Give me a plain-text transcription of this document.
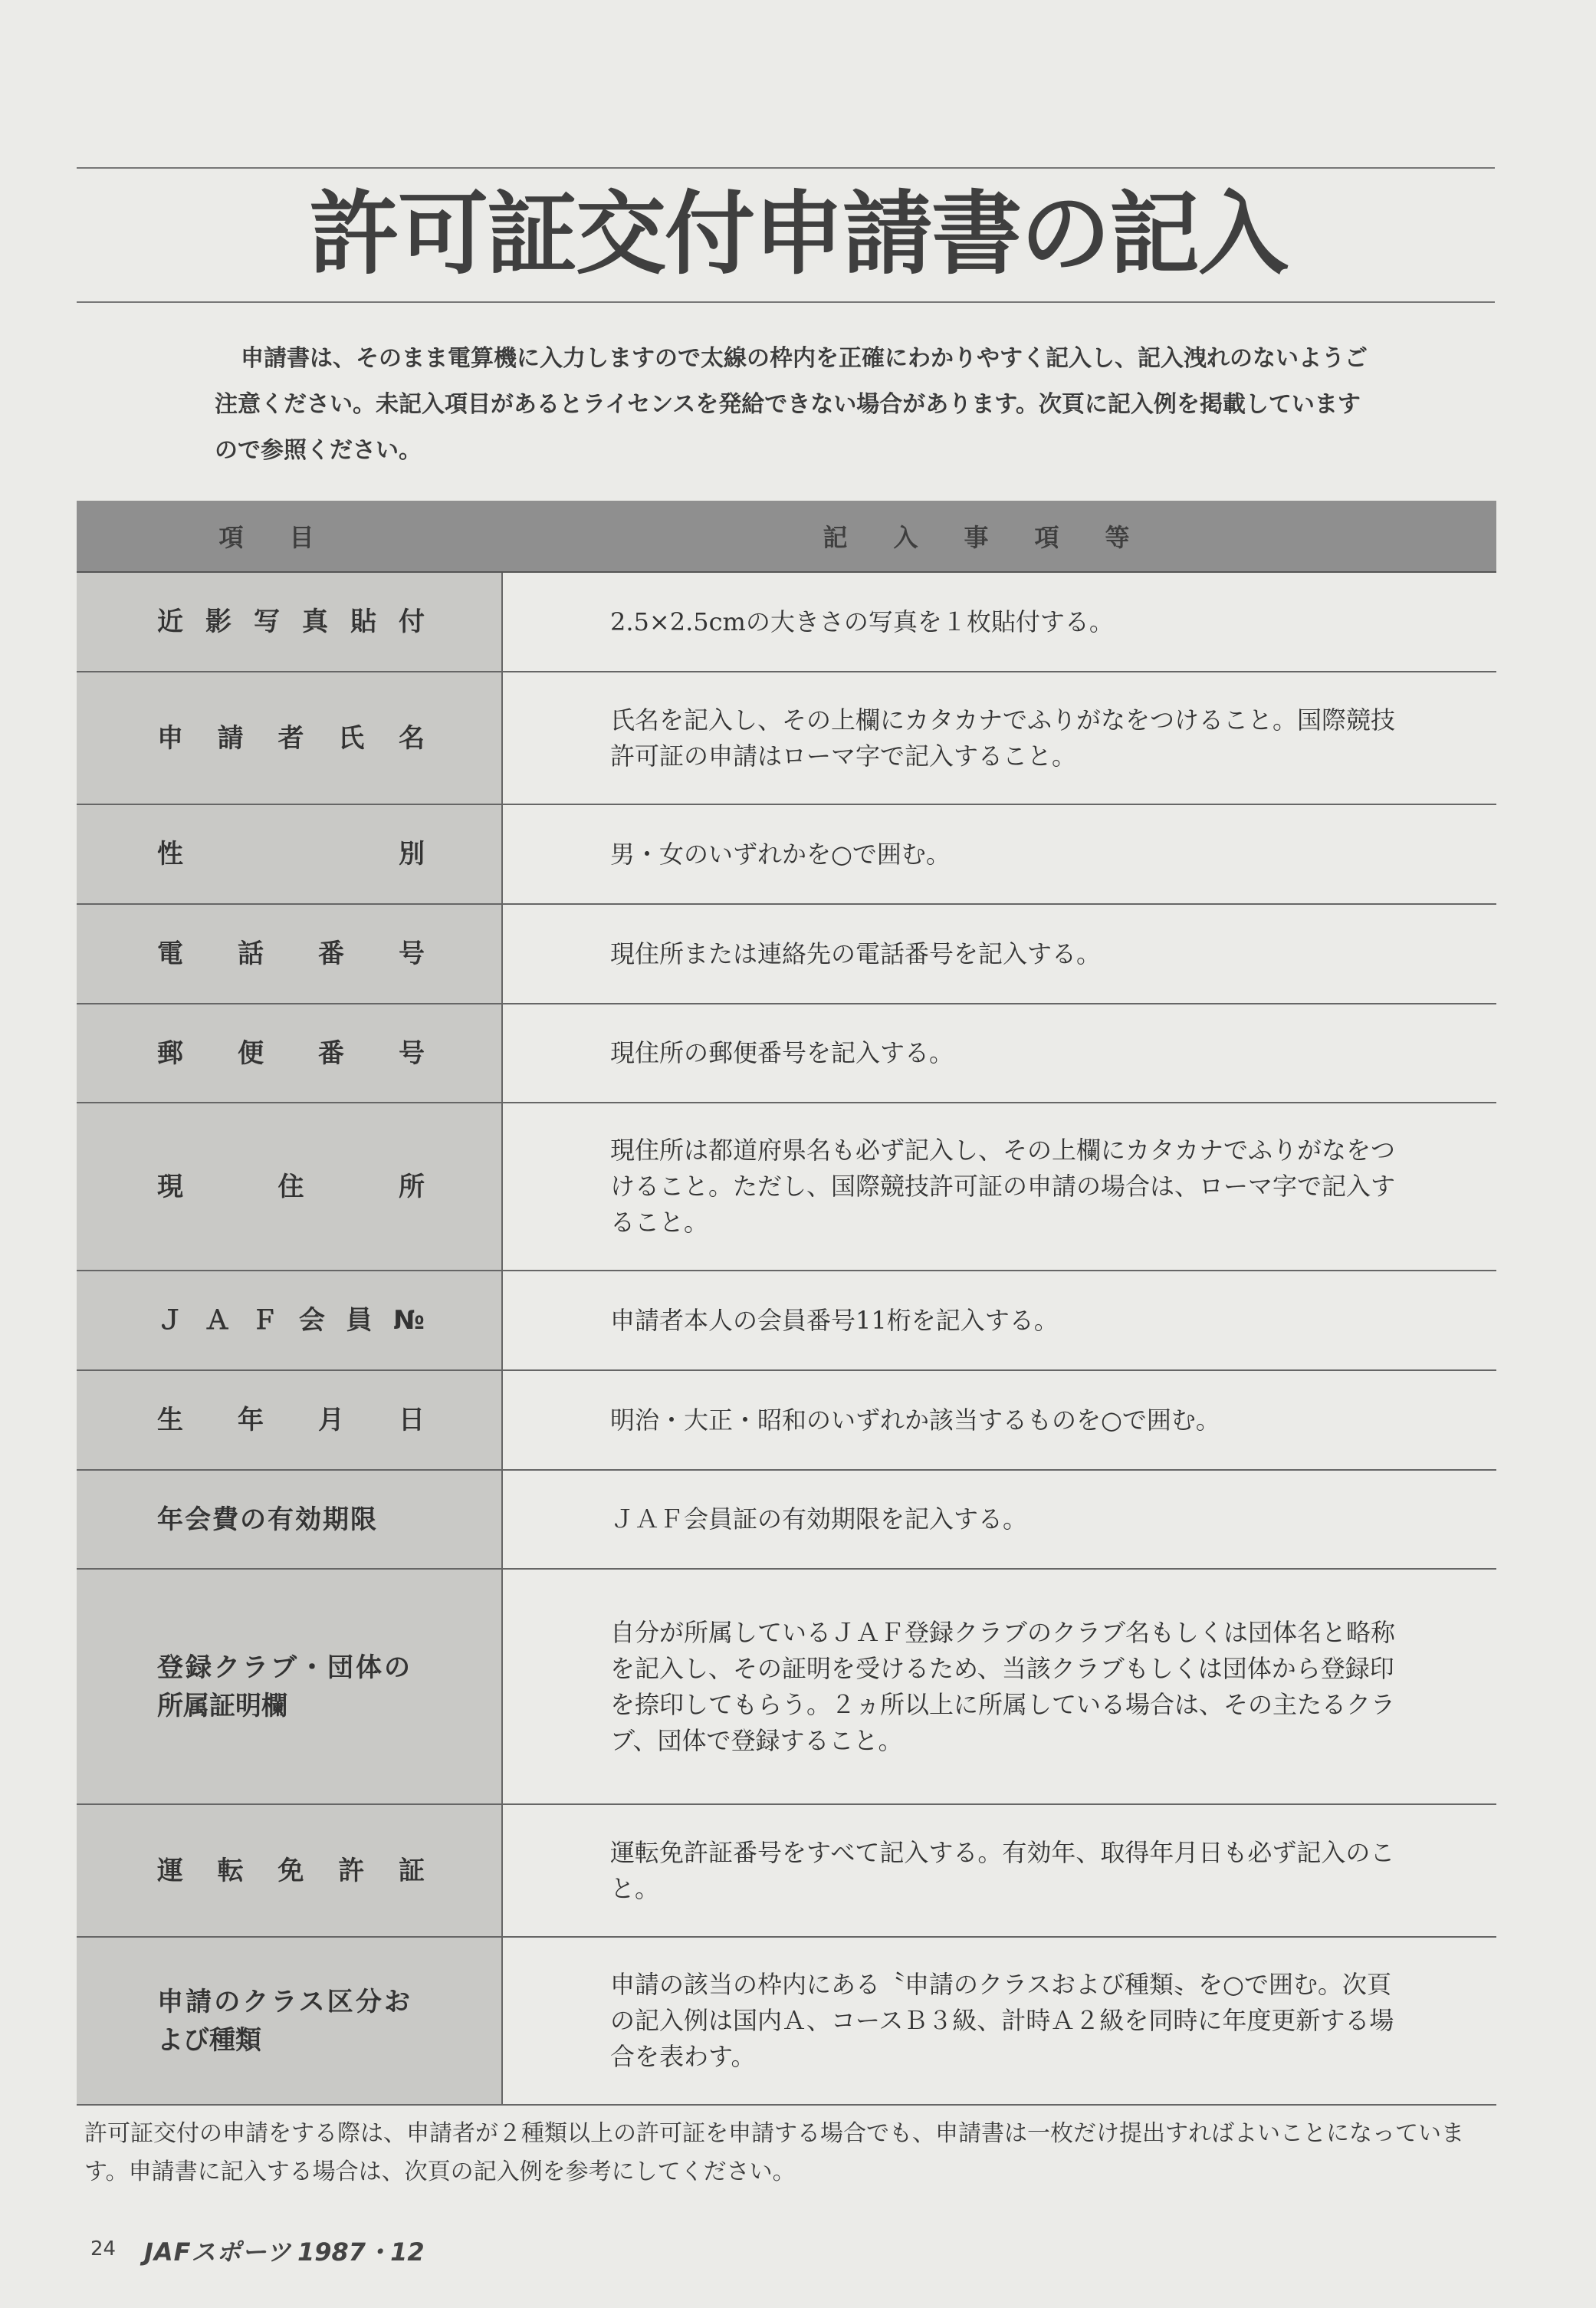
許可証交付申請書の記入

申請書は、そのまま電算機に入力しますので太線の枠内を正確にわかりやすく記入し、記入洩れのないようご注意ください。未記入項目があるとライセンスを発給できない場合があります。次頁に記入例を掲載していますので参照ください。

項目	記入事項等

近影写真貼付	2.5×2.5cmの大きさの写真を１枚貼付する。

申請者氏名	氏名を記入し、その上欄にカタカナでふりがなをつけること。国際競技許可証の申請はローマ字で記入すること。

性別	男・女のいずれかを○で囲む。

電話番号	現住所または連絡先の電話番号を記入する。

郵便番号	現住所の郵便番号を記入する。

現住所	現住所は都道府県名も必ず記入し、その上欄にカタカナでふりがなをつけること。ただし、国際競技許可証の申請の場合は、ローマ字で記入すること。

ＪＡＦ会員№	申請者本人の会員番号11桁を記入する。

生年月日	明治・大正・昭和のいずれか該当するものを○で囲む。

年会費の有効期限	ＪＡＦ会員証の有効期限を記入する。

登録クラブ・団体の所属証明欄	自分が所属しているＪＡＦ登録クラブのクラブ名もしくは団体名と略称を記入し、その証明を受けるため、当該クラブもしくは団体から登録印を捺印してもらう。２ヵ所以上に所属している場合は、その主たるクラブ、団体で登録すること。

運転免許証	運転免許証番号をすべて記入する。有効年、取得年月日も必ず記入のこと。

申請のクラス区分および種類	申請の該当の枠内にある〝申請のクラスおよび種類〟を○で囲む。次頁の記入例は国内Ａ、コースＢ３級、計時Ａ２級を同時に年度更新する場合を表わす。

許可証交付の申請をする際は、申請者が２種類以上の許可証を申請する場合でも、申請書は一枚だけ提出すればよいことになっています。申請書に記入する場合は、次頁の記入例を参考にしてください。

24 JAFスポーツ 1987・12
